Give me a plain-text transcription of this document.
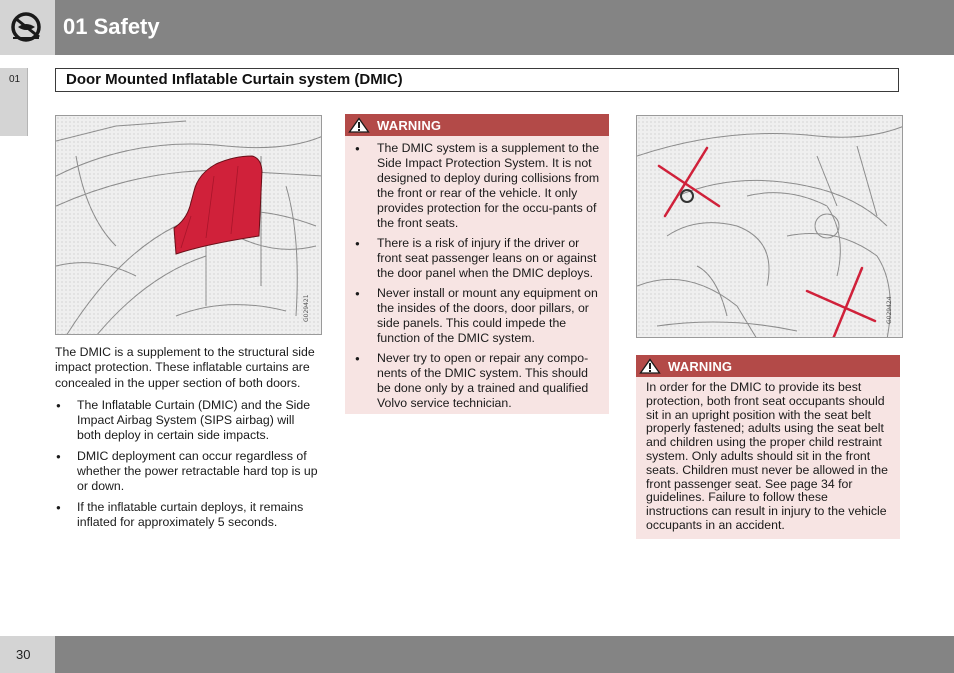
01 Safety
01	Door Mounted Inflatable Curtain system (DMIC)
G029421

The DMIC is a supplement to the structural side impact protection. These inflatable curtains are concealed in the upper section of both doors.

● The Inflatable Curtain (DMIC) and the Side Impact Airbag System (SIPS airbag) will both deploy in certain side impacts.
● DMIC deployment can occur regardless of whether the power retractable hard top is up or down.
● If the inflatable curtain deploys, it remains inflated for approximately 5 seconds.
WARNING
● The DMIC system is a supplement to the Side Impact Protection System. It is not designed to deploy during collisions from the front or rear of the vehicle. It only provides protection for the occu-pants of the front seats.
● There is a risk of injury if the driver or front seat passenger leans on or against the door panel when the DMIC deploys.
● Never install or mount any equipment on the insides of the doors, door pillars, or side panels. This could impede the function of the DMIC system.
● Never try to open or repair any compo-nents of the DMIC system. This should be done only by a trained and qualified Volvo service technician.
G029424
WARNING

In order for the DMIC to provide its best protection, both front seat occupants should sit in an upright position with the seat belt properly fastened; adults using the seat belt and children using the proper child restraint system. Only adults should sit in the front seats. Children must never be allowed in the front passenger seat. See page 34 for guidelines. Failure to follow these instructions can result in injury to the vehicle occupants in an accident.

30
